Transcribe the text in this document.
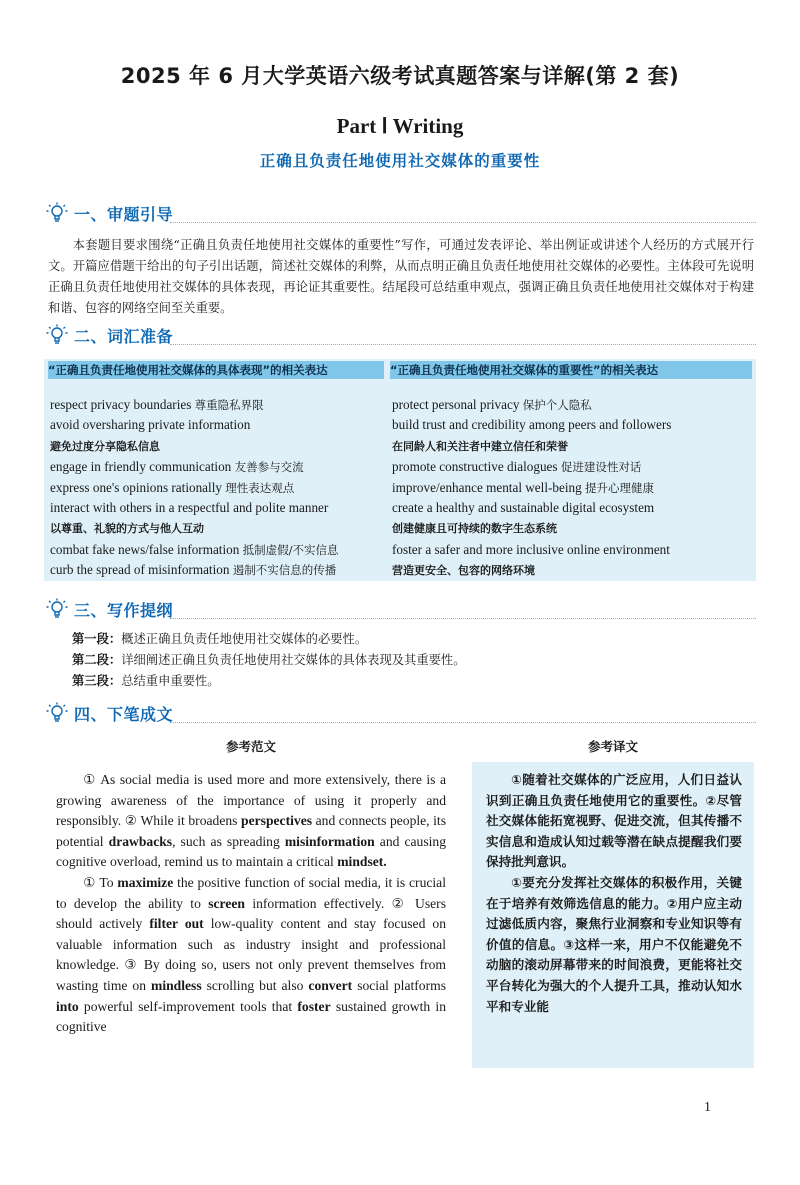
2025 年 6 月大学英语六级考试真题答案与详解(第 2 套)
Part Ⅰ Writing
正确且负责任地使用社交媒体的重要性
一、审题引导

本套题目要求围绕“正确且负责任地使用社交媒体的重要性”写作，可通过发表评论、举出例证或讲述个人经历的方式展开行文。开篇应借题干给出的句子引出话题，简述社交媒体的利弊，从而点明正确且负责任地使用社交媒体的必要性。主体段可先说明正确且负责任地使用社交媒体的具体表现，再论证其重要性。结尾段可总结重申观点，强调正确且负责任地使用社交媒体对于构建和谐、包容的网络空间至关重要。

二、词汇准备
“正确且负责任地使用社交媒体的具体表现”的相关表达	“正确且负责任地使用社交媒体的重要性”的相关表达
respect privacy boundaries 尊重隐私界限
avoid oversharing private information
避免过度分享隐私信息
engage in friendly communication 友善参与交流
express one's opinions rationally 理性表达观点
interact with others in a respectful and polite manner
以尊重、礼貌的方式与他人互动
combat fake news/false information 抵制虚假/不实信息
curb the spread of misinformation 遏制不实信息的传播
protect personal privacy 保护个人隐私
build trust and credibility among peers and followers
在同龄人和关注者中建立信任和荣誉
promote constructive dialogues 促进建设性对话
improve/enhance mental well-being 提升心理健康
create a healthy and sustainable digital ecosystem
创建健康且可持续的数字生态系统
foster a safer and more inclusive online environment
营造更安全、包容的网络环境
三、写作提纲
第一段：概述正确且负责任地使用社交媒体的必要性。
第二段：详细阐述正确且负责任地使用社交媒体的具体表现及其重要性。
第三段：总结重申重要性。
四、下笔成文
参考范文	参考译文

① As social media is used more and more extensively, there is a growing awareness of the importance of using it properly and responsibly. ② While it broadens perspectives and connects people, its potential drawbacks, such as spreading misinformation and causing cognitive overload, remind us to maintain a critical mindset.

① To maximize the positive function of social media, it is crucial to develop the ability to screen information effectively. ② Users should actively filter out low-quality content and stay focused on valuable information such as industry insight and professional knowledge. ③ By doing so, users not only prevent themselves from wasting time on mindless scrolling but also convert social platforms into powerful self-improvement tools that foster sustained growth in cognitive

①随着社交媒体的广泛应用，人们日益认识到正确且负责任地使用它的重要性。②尽管社交媒体能拓宽视野、促进交流，但其传播不实信息和造成认知过载等潜在缺点提醒我们要保持批判意识。

①要充分发挥社交媒体的积极作用，关键在于培养有效筛选信息的能力。②用户应主动过滤低质内容，聚焦行业洞察和专业知识等有价值的信息。③这样一来，用户不仅能避免不动脑的滚动屏幕带来的时间浪费，更能将社交平台转化为强大的个人提升工具，推动认知水平和专业能

1
